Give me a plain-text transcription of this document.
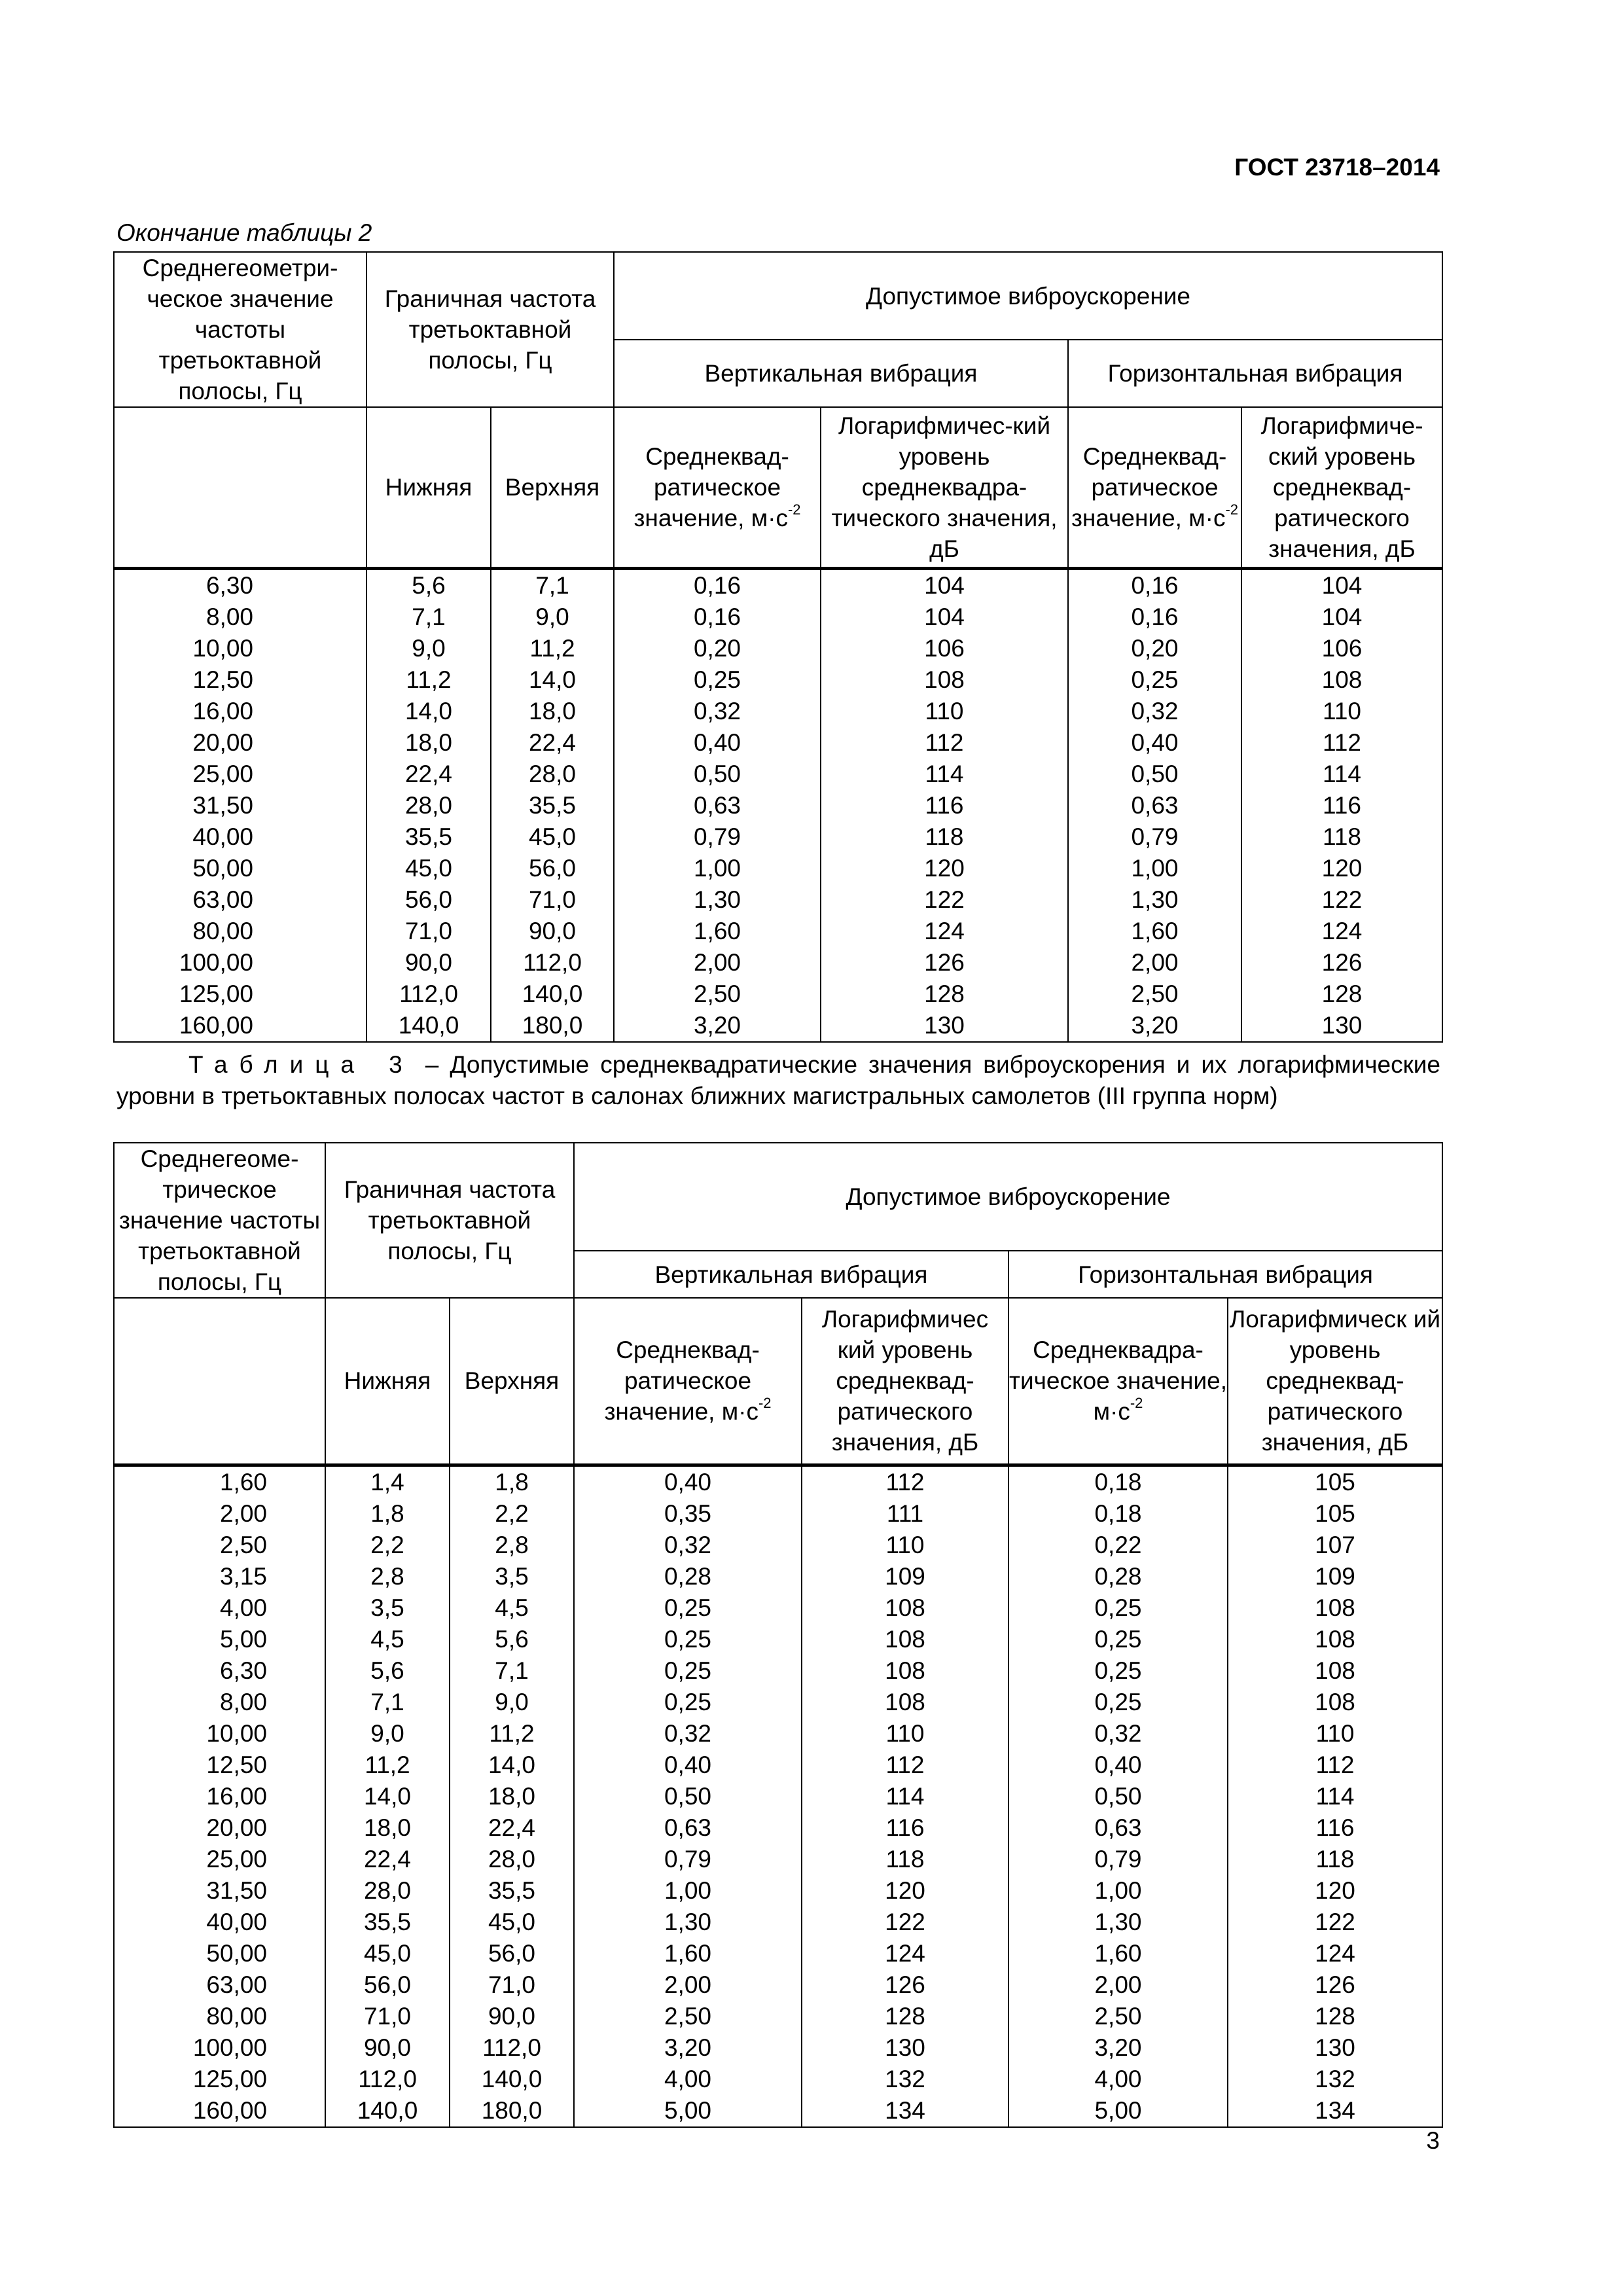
ГОСТ 23718–2014
Окончание таблицы 2
Среднегеометри-ческое значение частоты третьоктавной полосы, Гц	Граничная частота третьоктавной полосы, Гц		Допустимое виброускорение			
			Вертикальная вибрация		Горизонтальная вибрация	
	Нижняя	Верхняя	Среднеквад-ратическое значение, $м\cdot с^{-2}$	Логарифмичес-кий уровень среднеквадра-тического значения, дБ	Среднеквад-ратическое значение, $м\cdot с^{-2}$	Логарифмиче-ский уровень среднеквад-ратического значения, дБ
6,30	5,6	7,1	0,16	104	0,16	104
8,00	7,1	9,0	0,16	104	0,16	104
10,00	9,0	11,2	0,20	106	0,20	106
12,50	11,2	14,0	0,25	108	0,25	108
16,00	14,0	18,0	0,32	110	0,32	110
20,00	18,0	22,4	0,40	112	0,40	112
25,00	22,4	28,0	0,50	114	0,50	114
31,50	28,0	35,5	0,63	116	0,63	116
40,00	35,5	45,0	0,79	118	0,79	118
50,00	45,0	56,0	1,00	120	1,00	120
63,00	56,0	71,0	1,30	122	1,30	122
80,00	71,0	90,0	1,60	124	1,60	124
100,00	90,0	112,0	2,00	126	2,00	126
125,00	112,0	140,0	2,50	128	2,50	128
160,00	140,0	180,0	3,20	130	3,20	130
Таблица 3 – Допустимые среднеквадратические значения виброускорения и их логарифмические уровни в третьоктавных полосах частот в салонах ближних магистральных самолетов (III группа норм)
Среднегеомe-трическое значение частоты третьоктавной полосы, Гц	Граничная частота третьоктавной полосы, Гц		Допустимое виброускорение			
			Вертикальная вибрация		Горизонтальная вибрация	
	Нижняя	Верхняя	Среднеквад-ратическое значение, $м\cdot с^{-2}$	Логарифмичес кий уровень среднеквад-ратического значения, дБ	Среднеквадра-тическое значение, $м\cdot с^{-2}$	Логарифмическ ий уровень среднеквад-ратического значения, дБ
1,60	1,4	1,8	0,40	112	0,18	105
2,00	1,8	2,2	0,35	111	0,18	105
2,50	2,2	2,8	0,32	110	0,22	107
3,15	2,8	3,5	0,28	109	0,28	109
4,00	3,5	4,5	0,25	108	0,25	108
5,00	4,5	5,6	0,25	108	0,25	108
6,30	5,6	7,1	0,25	108	0,25	108
8,00	7,1	9,0	0,25	108	0,25	108
10,00	9,0	11,2	0,32	110	0,32	110
12,50	11,2	14,0	0,40	112	0,40	112
16,00	14,0	18,0	0,50	114	0,50	114
20,00	18,0	22,4	0,63	116	0,63	116
25,00	22,4	28,0	0,79	118	0,79	118
31,50	28,0	35,5	1,00	120	1,00	120
40,00	35,5	45,0	1,30	122	1,30	122
50,00	45,0	56,0	1,60	124	1,60	124
63,00	56,0	71,0	2,00	126	2,00	126
80,00	71,0	90,0	2,50	128	2,50	128
100,00	90,0	112,0	3,20	130	3,20	130
125,00	112,0	140,0	4,00	132	4,00	132
160,00	140,0	180,0	5,00	134	5,00	134
3
